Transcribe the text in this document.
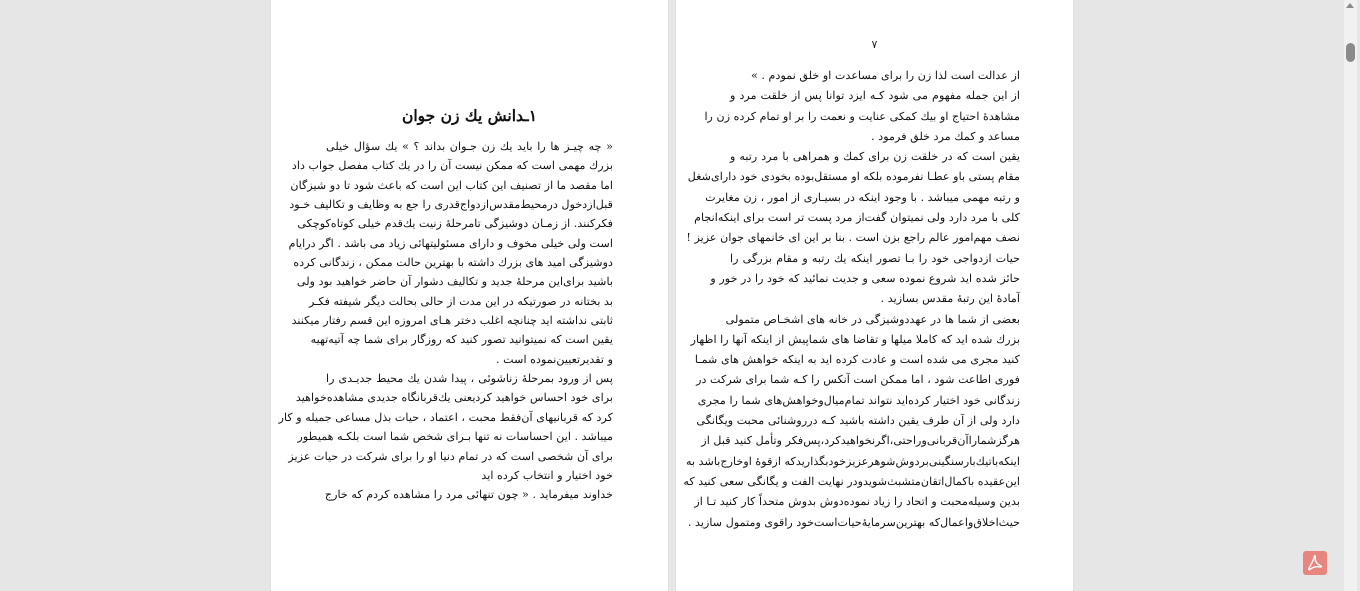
۱ـدانش يك زن جوان
« چه چيـز ها را بايد يك زن جـوان بداند ؟ » يك سؤال خيلی
بزرك مهمی است كه ممكن نيست آن را در يك كتاب مفصل جواب داد
اما مقصد ما از تصنيف اين كتاب اين است كه باعث شود تا دو شيزگان
قبل‌ازدخول درمحيط‌مقدس‌ازدواج‌قدری را جع به وظايف و تكاليف خـود
فكركنند. از زمـان دوشيزگی تامرحلهٔ زنيت يك‌قدم خيلی كوتاه‌كوچكی
است ولی خيلی مخوف و دارای مسئوليتهائی زياد می باشد . اگر درايام
دوشيزگی اميد هاى بزرك داشته با بهترين حالت ممكن ، زندگانی كرده
باشيد برای‌اين مرحلهٔ جديد و تكاليف دشوار آن حاضر خواهيد بود ولی
بد بختانه در صورتيكه در اين مدت از حالی بحالت ديگر شيفته فكـر
ثابتی نداشته ايد چنانچه اغلب دختر هـای امروزه اين قسم رفتار ميكنند
يقين است كه نميتوانيد تصور كنيد كه روزگار برای شما چه آتيه‌تهيه
و تقديرتعيين‌نموده است .
پس از ورود بمرحلهٔ زناشوئی ، پيدا شدن يك محيط جديـدی را
برای خود احساس خواهيد كرديعنی يك‌قربانگاه جديدی مشاهده‌خواهيد
كرد كه قربانيهای آن‌فقط محبت ، اعتماد ، حيات بذل مساعی جميله و كار
ميباشد . اين احساسات نه تنها بـرای شخص شما است بلكـه هميطور
برای آن شخصی است كه در تمام دنيا او را برای شركت در حيات عزيز
خود اختيار و انتخاب كرده ايد
خداوند ميفرمايد . « چون تنهائی مرد را مشاهده كردم كه خارج
۷
از عدالت است لذا زن را برای مساعدت او خلق نمودم . »
از اين جمله مفهوم می شود كـه ايزد توانا پس از خلقت مرد و
مشاهدهٔ احتياج او بيك كمكی عنايت و نعمت را بر او تمام كرده زن را
مساعد و كمك مرد خلق فرمود .
يقين است كه در خلقت زن برای كمك و همراهی با مرد رتبه و
مقام پستی باو عطـا نفرموده بلكه او مستقل‌بوده بخودی خود دارای‌شغل
و رتبه مهمی ميباشد . با وجود اينكه در بسيـاری از امور ، زن مغايرت
كلی با مرد دارد ولی نميتوان گفت‌از مرد پست تر است برای اينكه‌انجام
نصف مهم‌امور عالم راجع بزن است . بنا بر اين ای خانمهای جوان عزيز !
حيات ازدواجی خود را بـا تصور اينكه يك رتبه و مقام بزرگی را
حائز شده ايد شروع نموده سعی و جديت نمائيد كه خود را در خور و
آمادهٔ اين رتبهٔ مقدس بسازيد .
بعضی از شما ها در عهددوشيزگی در خانه های اشخـاص متمولی
بزرك شده ايد كه كاملا ميلها و تقاضا های شماپيش از اينكه آنها را اظهار
كنيد مجری می شده است و عادت كرده ايد به اينكه خواهش های شمـا
فوری اطاعت شود ، اما ممكن است آنكس را كـه شما برای شركت در
زندگانی خود اختيار كرده‌ايد نتواند تمام‌ميال‌وخواهش‌های شما را مجری
دارد ولی از آن طرف يقين داشته باشيد كـه درروشنائی محبت ويگانگی
هرگزشمارا‌آن‌قربانی‌وراحتی،اگرنخواهيدكرد،پس‌فكر وتأمل كنيد قبل از
اينكه‌باتيك‌بارسنگينی‌بردوش‌شوهرعزيزخودبگذاريدكه ازقوهٔ اوخارج‌باشد به
اين‌عقيده باكمال‌اتقان‌متشبث‌شويد‌ودر نهايت الفت و يگانگی سعی كنيد كه
بدين وسيله‌محبت و اتحاد را زياد نموده‌دوش بدوش متحداً كار كنيد تـا از
حيث‌اخلاق‌واعمال‌كه بهترين‌سرمايهٔ‌حيات‌است‌خود را‌قوی ومتمول سازيد .
